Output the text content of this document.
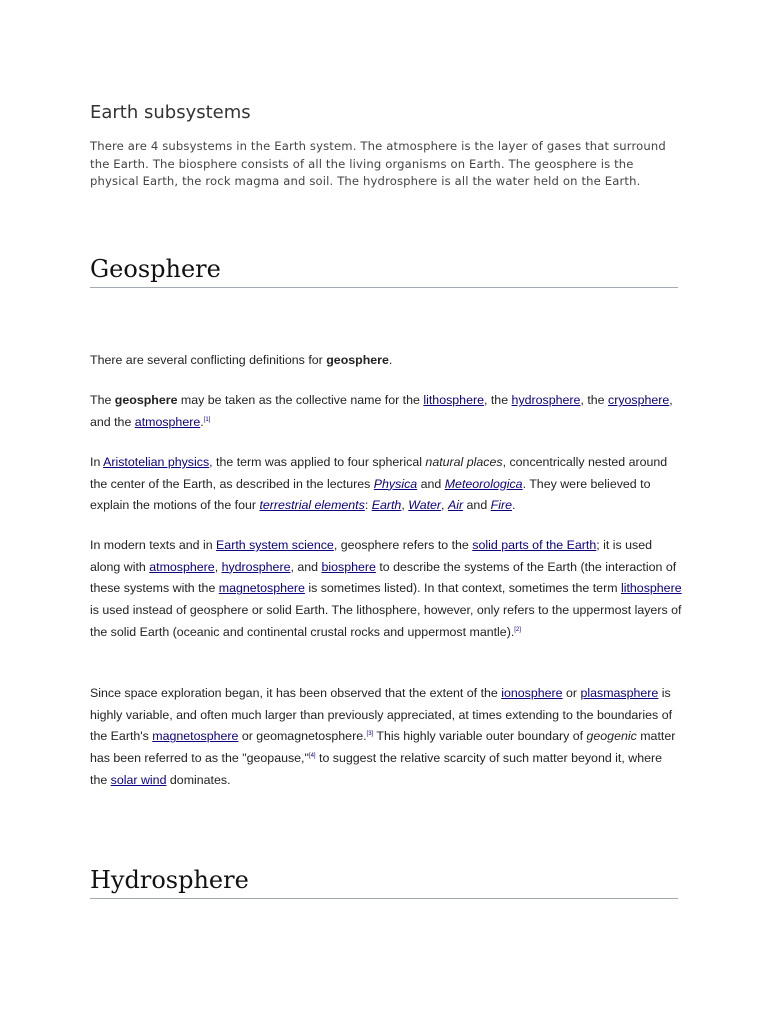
Earth subsystems

There are 4 subsystems in the Earth system. The atmosphere is the layer of gases that surround the Earth. The biosphere consists of all the living organisms on Earth. The geosphere is the physical Earth, the rock magma and soil. The hydrosphere is all the water held on the Earth.

Geosphere

There are several conflicting definitions for geosphere.

The geosphere may be taken as the collective name for the lithosphere, the hydrosphere, the cryosphere, and the atmosphere.[1]

In Aristotelian physics, the term was applied to four spherical natural places, concentrically nested around the center of the Earth, as described in the lectures Physica and Meteorologica. They were believed to explain the motions of the four terrestrial elements: Earth, Water, Air and Fire.

In modern texts and in Earth system science, geosphere refers to the solid parts of the Earth; it is used along with atmosphere, hydrosphere, and biosphere to describe the systems of the Earth (the interaction of these systems with the magnetosphere is sometimes listed). In that context, sometimes the term lithosphere is used instead of geosphere or solid Earth. The lithosphere, however, only refers to the uppermost layers of the solid Earth (oceanic and continental crustal rocks and uppermost mantle).[2]

Since space exploration began, it has been observed that the extent of the ionosphere or plasmasphere is highly variable, and often much larger than previously appreciated, at times extending to the boundaries of the Earth's magnetosphere or geomagnetosphere.[3] This highly variable outer boundary of geogenic matter has been referred to as the "geopause,"[4] to suggest the relative scarcity of such matter beyond it, where the solar wind dominates.

Hydrosphere
